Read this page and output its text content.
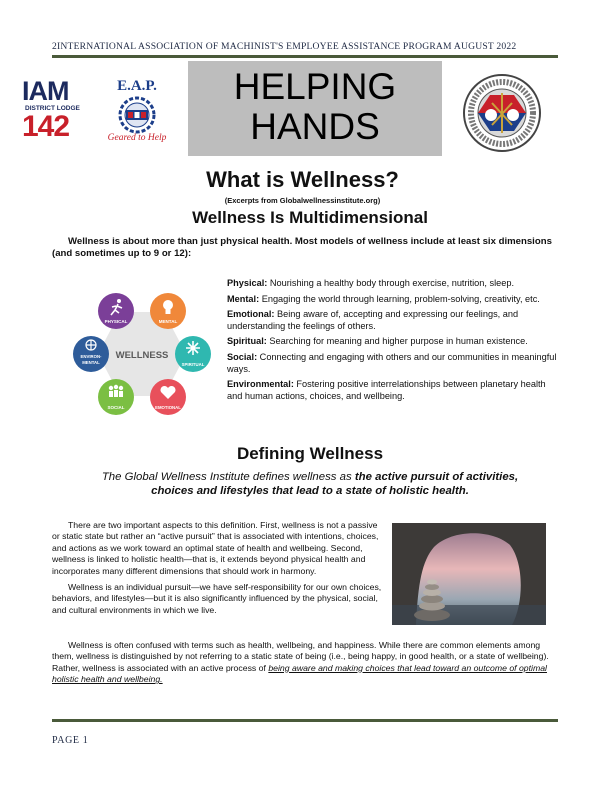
2INTERNATIONAL ASSOCIATION OF MACHINIST'S EMPLOYEE ASSISTANCE PROGRAM AUGUST 2022
IAM
DISTRICT LODGE
142
E.A.P.
Geared to Help
HELPING
HANDS
What is Wellness?
(Excerpts from Globalwellnessinstitute.org)
Wellness Is Multidimensional
Wellness is about more than just physical health. Most models of wellness include at least six dimensions (and sometimes up to 9 or 12):
WELLNESS
PHYSICAL	MENTAL
SPIRITUAL
EMOTIONAL
SOCIAL
ENVIRON-
MENTAL
Physical: Nourishing a healthy body through exercise, nutrition, sleep.
Mental: Engaging the world through learning, problem-solving, creativity, etc.
Emotional: Being aware of, accepting and expressing our feelings, and understanding the feelings of others.
Spiritual: Searching for meaning and higher purpose in human existence.
Social: Connecting and engaging with others and our communities in meaningful ways.
Environmental: Fostering positive interrelationships between planetary health and human actions, choices, and wellbeing.
Defining Wellness
The Global Wellness Institute defines wellness as the active pursuit of activities, choices and lifestyles that lead to a state of holistic health.

There are two important aspects to this definition. First, wellness is not a passive or static state but rather an “active pursuit” that is associated with intentions, choices, and actions as we work toward an optimal state of health and wellbeing. Second, wellness is linked to holistic health—that is, it extends beyond physical health and incorporates many different dimensions that should work in harmony.

Wellness is an individual pursuit—we have self-responsibility for our own choices, behaviors, and lifestyles—but it is also significantly influenced by the physical, social, and cultural environments in which we live.

Wellness is often confused with terms such as health, wellbeing, and happiness. While there are common elements among them, wellness is distinguished by not referring to a static state of being (i.e., being happy, in good health, or a state of wellbeing). Rather, wellness is associated with an active process of being aware and making choices that lead toward an outcome of optimal holistic health and wellbeing.

PAGE 1
